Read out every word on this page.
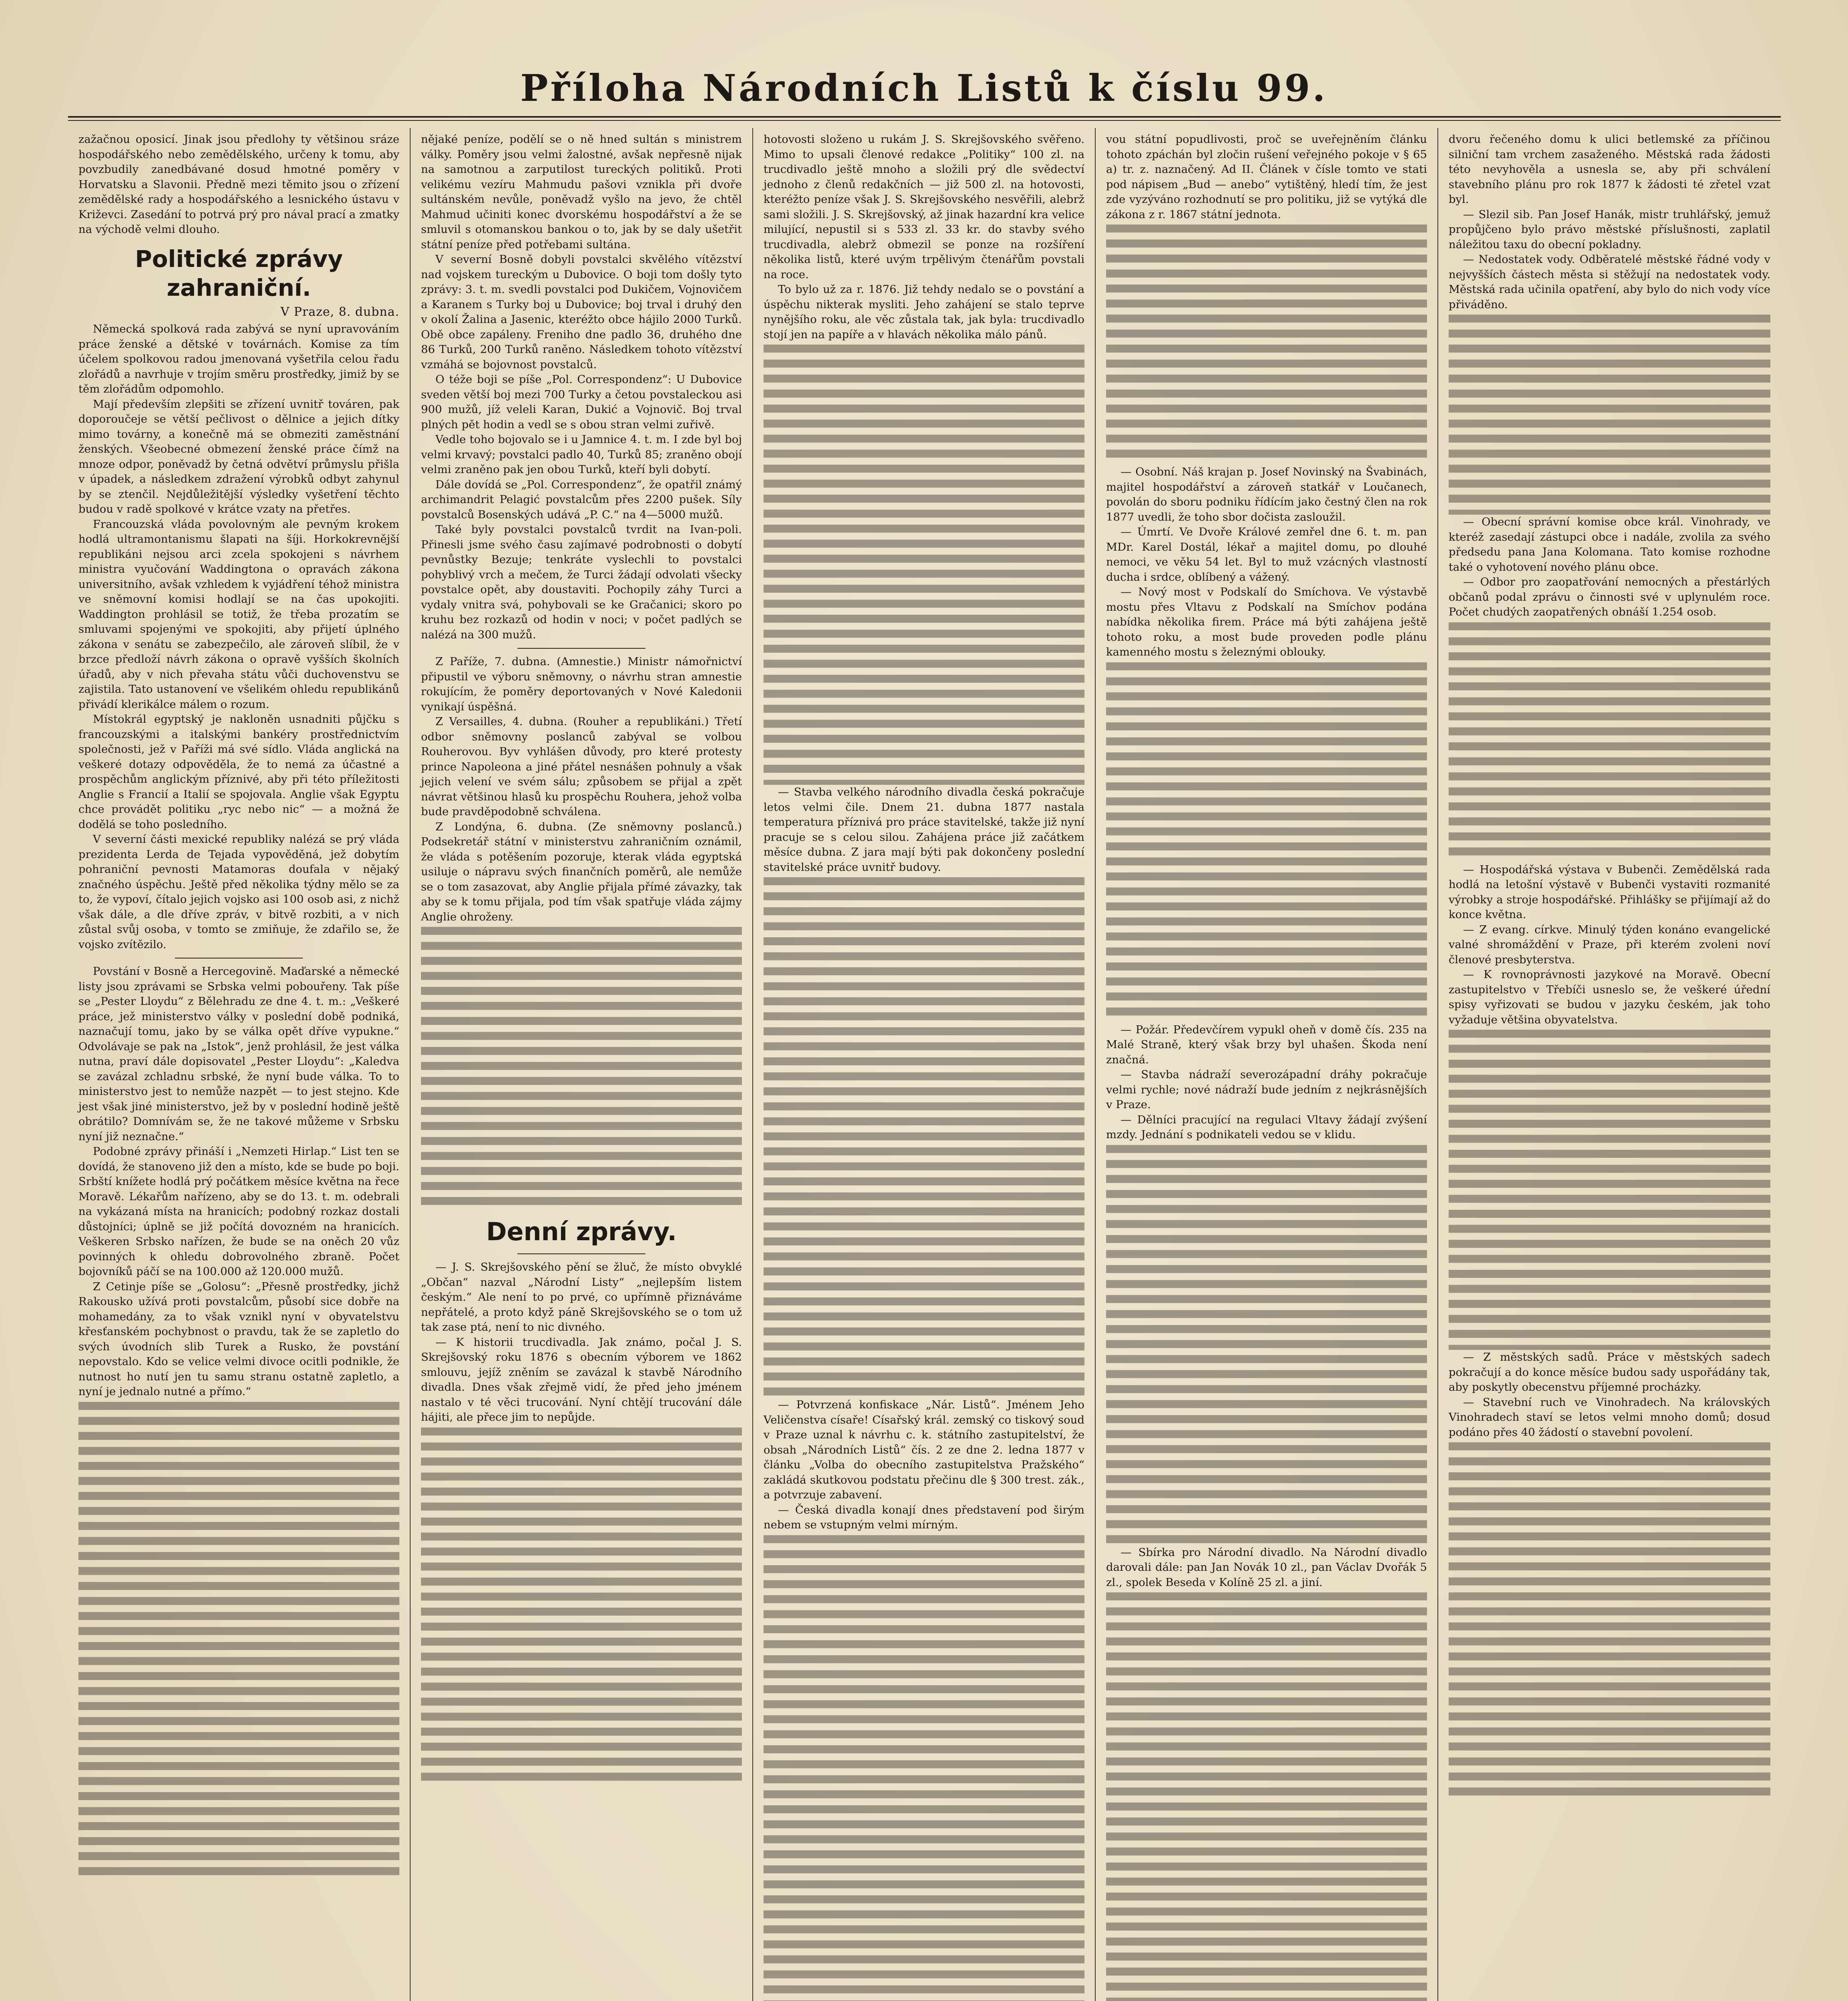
Příloha Národních Listů k číslu 99.

zažačnou oposicí. Jinak jsou předlohy ty většinou sráze hospodářského nebo zemědělského, určeny k tomu, aby povzbudily zanedbávané dosud hmotné poměry v Horvatsku a Slavonii. Předně mezi těmito jsou o zřízení zemědělské rady a hospodářského a lesnického ústavu v Križevci. Zasedání to potrvá prý pro nával prací a zmatky na východě velmi dlouho.

Politické zprávy zahraniční.
V Praze, 8. dubna.

Německá spolková rada zabývá se nyní upravováním práce ženské a dětské v továrnách. Komise za tím účelem spolkovou radou jmenovaná vyšetřila celou řadu zlořádů a navrhuje v trojím směru prostředky, jimiž by se těm zlořádům odpomohlo.

Mají především zlepšiti se zřízení uvnitř továren, pak doporoučeje se větší pečlivost o dělnice a jejich dítky mimo továrny, a konečně má se obmeziti zaměstnání ženských. Všeobecné obmezení ženské práce čímž na mnoze odpor, poněvadž by četná odvětví průmyslu přišla v úpadek, a následkem zdražení výrobků odbyt zahynul by se ztenčil. Nejdůležitější výsledky vyšetření těchto budou v radě spolkové v krátce vzaty na přetřes.

Francouzská vláda povolovným ale pevným krokem hodlá ultramontanismu šlapati na šíji. Horkokrevnější republikáni nejsou arci zcela spokojeni s návrhem ministra vyučování Waddingtona o opravách zákona universitního, avšak vzhledem k vyjádření téhož ministra ve sněmovní komisi hodlají se na čas upokojiti. Waddington prohlásil se totiž, že třeba prozatím se smluvami spojenými ve spokojiti, aby přijetí úplného zákona v senátu se zabezpečilo, ale zároveň slíbil, že v brzce předloží návrh zákona o opravě vyšších školních úřadů, aby v nich převaha státu vůči duchovenstvu se zajistila. Tato ustanovení ve všelikém ohledu republikánů přivádí klerikálce málem o rozum.

Místokrál egyptský je nakloněn usnadniti půjčku s francouzskými a italskými bankéry prostřednictvím společnosti, jež v Paříži má své sídlo. Vláda anglická na veškeré dotazy odpověděla, že to nemá za účastné a prospěchům anglickým příznivé, aby při této příležitosti Anglie s Francií a Italií se spojovala. Anglie však Egyptu chce provádět politiku „ryc nebo nic“ — a možná že dodělá se toho posledního.

V severní části mexické republiky nalézá se prý vláda prezidenta Lerda de Tejada vypověděná, jež dobytím pohraniční pevnosti Matamoras doufala v nějaký značného úspěchu. Ještě před několika týdny mělo se za to, že vypoví, čítalo jejich vojsko asi 100 osob asi, z nichž však dále, a dle dříve zpráv, v bitvě rozbiti, a v nich zůstal svůj osoba, v tomto se zmiňuje, že zdařilo se, že vojsko zvítězilo.

Povstání v Bosně a Hercegovině. Maďarské a německé listy jsou zprávami se Srbska velmi pobouřeny. Tak píše se „Pester Lloydu“ z Bělehradu ze dne 4. t. m.: „Veškeré práce, jež ministerstvo války v poslední době podniká, naznačují tomu, jako by se válka opět dříve vypukne.“ Odvolávaje se pak na „Istok“, jenž prohlásil, že jest válka nutna, praví dále dopisovatel „Pester Lloydu“: „Kaledva se zavázal zchladnu srbské, že nyní bude válka. To to ministerstvo jest to nemůže nazpět — to jest stejno. Kde jest však jiné ministerstvo, jež by v poslední hodině ještě obrátilo? Domnívám se, že ne takové můžeme v Srbsku nyní již neznačne.“

Podobné zprávy přináší i „Nemzeti Hirlap.“ List ten se dovídá, že stanoveno již den a místo, kde se bude po boji. Srbští knížete hodlá prý počátkem měsíce května na řece Moravě. Lékařům nařízeno, aby se do 13. t. m. odebrali na vykázaná místa na hranicích; podobný rozkaz dostali důstojníci; úplně se již počítá dovozném na hranicích. Veškeren Srbsko nařízen, že bude se na oněch 20 vůz povinných k ohledu dobrovolného zbraně. Počet bojovníků páčí se na 100.000 až 120.000 mužů.

Z Cetinje píše se „Golosu“: „Přesně prostředky, jichž Rakousko užívá proti povstalcům, působí sice dobře na mohamedány, za to však vznikl nyní v obyvatelstvu křesťanském pochybnost o pravdu, tak že se zapletlo do svých úvodních slib Turek a Rusko, že povstání nepovstalo. Kdo se velice velmi divoce ocitli podnikle, že nutnost ho nutí jen tu samu stranu ostatně zapletlo, a nyní je jednalo nutné a přímo.“

nějaké peníze, podělí se o ně hned sultán s ministrem války. Poměry jsou velmi žalostné, avšak nepřesně nijak na samotnou a zarputilost tureckých politiků. Proti velikému vezíru Mahmudu pašovi vznikla při dvoře sultánském nevůle, poněvadž vyšlo na jevo, že chtěl Mahmud učiniti konec dvorskému hospodářství a že se smluvil s otomanskou bankou o to, jak by se daly ušetřit státní peníze před potřebami sultána.

V severní Bosně dobyli povstalci skvělého vítězství nad vojskem tureckým u Dubovice. O boji tom došly tyto zprávy: 3. t. m. svedli povstalci pod Dukičem, Vojnovičem a Karanem s Turky boj u Dubovice; boj trval i druhý den v okolí Žalina a Jasenic, kteréžto obce hájilo 2000 Turků. Obě obce zapáleny. Freniho dne padlo 36, druhého dne 86 Turků, 200 Turků raněno. Následkem tohoto vítězství vzmáhá se bojovnost povstalců.

O téže boji se píše „Pol. Correspondenz“: U Dubovice sveden větší boj mezi 700 Turky a četou povstaleckou asi 900 mužů, jíž veleli Karan, Dukić a Vojnovič. Boj trval plných pět hodin a vedl se s obou stran velmi zuřivě.

Vedle toho bojovalo se i u Jamnice 4. t. m. I zde byl boj velmi krvavý; povstalci padlo 40, Turků 85; zraněno obojí velmi zraněno pak jen obou Turků, kteří byli dobytí.

Dále dovídá se „Pol. Correspondenz“, že opatřil známý archimandrit Pelagić povstalcům přes 2200 pušek. Síly povstalců Bosenských udává „P. C.“ na 4—5000 mužů.

Také byly povstalci povstalců tvrdit na Ivan-poli. Přinesli jsme svého času zajímavé podrobnosti o dobytí pevnůstky Bezuje; tenkráte vyslechli to povstalci pohyblivý vrch a mečem, že Turci žádají odvolati všecky povstalce opět, aby doustaviti. Pochopily záhy Turci a vydaly vnitra svá, pohybovali se ke Gračanici; skoro po kruhu bez rozkazů od hodin v noci; v počet padlých se nalézá na 300 mužů.

Z Paříže, 7. dubna. (Amnestie.) Ministr námořnictví připustil ve výboru sněmovny, o návrhu stran amnestie rokujícím, že poměry deportovaných v Nové Kaledonii vynikají úspěšná.

Z Versailles, 4. dubna. (Rouher a republikáni.) Třetí odbor sněmovny poslanců zabýval se volbou Rouherovou. Byv vyhlášen důvody, pro které protesty prince Napoleona a jiné přátel nesnášen pohnuly a však jejich velení ve svém sálu; způsobem se přijal a zpět návrat většinou hlasů ku prospěchu Rouhera, jehož volba bude pravděpodobně schválena.

Z Londýna, 6. dubna. (Ze sněmovny poslanců.) Podsekretář státní v ministerstvu zahraničním oznámil, že vláda s potěšením pozoruje, kterak vláda egyptská usiluje o nápravu svých finančních poměrů, ale nemůže se o tom zasazovat, aby Anglie přijala přímé závazky, tak aby se k tomu přijala, pod tím však spatřuje vláda zájmy Anglie ohroženy.

Denní zprávy.

— J. S. Skrejšovského pění se žluč, že místo obvyklé „Občan“ nazval „Národní Listy“ „nejlepším listem českým.“ Ale není to po prvé, co upřímně přiznáváme nepřátelé, a proto když páně Skrejšovského se o tom už tak zase ptá, není to nic divného.

— K historii trucdivadla. Jak známo, počal J. S. Skrejšovský roku 1876 s obecním výborem ve 1862 smlouvu, jejíž zněním se zavázal k stavbě Národního divadla. Dnes však zřejmě vidí, že před jeho jménem nastalo v té věci trucování. Nyní chtějí trucování dále hájiti, ale přece jim to nepůjde.

hotovosti složeno u rukám J. S. Skrejšovského svěřeno. Mimo to upsali členové redakce „Politiky“ 100 zl. na trucdivadlo ještě mnoho a složili prý dle svědectví jednoho z členů redakčních — již 500 zl. na hotovosti, kteréžto peníze však J. S. Skrejšovského nesvěřili, alebrž sami složili. J. S. Skrejšovský, až jinak hazardní kra velice milující, nepustil si s 533 zl. 33 kr. do stavby svého trucdivadla, alebrž obmezil se ponze na rozšíření několika listů, které uvým trpělivým čtenářům povstali na roce.

To bylo už za r. 1876. Již tehdy nedalo se o povstání a úspěchu nikterak mysliti. Jeho zahájení se stalo teprve nynějšího roku, ale věc zůstala tak, jak byla: trucdivadlo stojí jen na papíře a v hlavách několika málo pánů.

— Stavba velkého národního divadla česká pokračuje letos velmi čile. Dnem 21. dubna 1877 nastala temperatura příznivá pro práce stavitelské, takže již nyní pracuje se s celou silou. Zahájena práce již začátkem měsíce dubna. Z jara mají býti pak dokončeny poslední stavitelské práce uvnitř budovy.

— Potvrzená konfiskace „Nár. Listů“. Jménem Jeho Veličenstva císaře! Císařský král. zemský co tiskový soud v Praze uznal k návrhu c. k. státního zastupitelství, že obsah „Národních Listů“ čís. 2 ze dne 2. ledna 1877 v článku „Volba do obecního zastupitelstva Pražského“ zakládá skutkovou podstatu přečinu dle § 300 trest. zák., a potvrzuje zabavení.

— Česká divadla konají dnes představení pod širým nebem se vstupným velmi mírným.

vou státní popudlivosti, proč se uveřejněním článku tohoto zpáchán byl zločin rušení veřejného pokoje v § 65 a) tr. z. naznačený. Ad II. Článek v čísle tomto ve stati pod nápisem „Bud — anebo“ vytištěný, hledí tím, že jest zde vyzýváno rozhodnutí se pro politiku, již se vytýká dle zákona z r. 1867 státní jednota.

— Osobní. Náš krajan p. Josef Novinský na Švabinách, majitel hospodářství a zároveň statkář v Loučanech, povolán do sboru podniku řídícím jako čestný člen na rok 1877 uvedli, že toho sbor dočista zasloužil.

— Úmrtí. Ve Dvoře Králové zemřel dne 6. t. m. pan MDr. Karel Dostál, lékař a majitel domu, po dlouhé nemoci, ve věku 54 let. Byl to muž vzácných vlastností ducha i srdce, oblíbený a vážený.

— Nový most v Podskalí do Smíchova. Ve výstavbě mostu přes Vltavu z Podskalí na Smíchov podána nabídka několika firem. Práce má býti zahájena ještě tohoto roku, a most bude proveden podle plánu kamenného mostu s železnými oblouky.

— Požár. Předevčírem vypukl oheň v domě čís. 235 na Malé Straně, který však brzy byl uhašen. Škoda není značná.

— Stavba nádraží severozápadní dráhy pokračuje velmi rychle; nové nádraží bude jedním z nejkrásnějších v Praze.

— Dělníci pracující na regulaci Vltavy žádají zvýšení mzdy. Jednání s podnikateli vedou se v klidu.

— Sbírka pro Národní divadlo. Na Národní divadlo darovali dále: pan Jan Novák 10 zl., pan Václav Dvořák 5 zl., spolek Beseda v Kolíně 25 zl. a jiní.

dvoru řečeného domu k ulici betlemské za příčinou silniční tam vrchem zasaženého. Městská rada žádosti této nevyhověla a usnesla se, aby při schválení stavebního plánu pro rok 1877 k žádosti té zřetel vzat byl.

— Slezil sib. Pan Josef Hanák, mistr truhlářský, jemuž propůjčeno bylo právo městské příslušnosti, zaplatil náležitou taxu do obecní pokladny.

— Nedostatek vody. Odběratelé městské řádné vody v nejvyšších částech města si stěžují na nedostatek vody. Městská rada učinila opatření, aby bylo do nich vody více přiváděno.

— Obecní správní komise obce král. Vinohrady, ve kteréž zasedají zástupci obce i nadále, zvolila za svého předsedu pana Jana Kolomana. Tato komise rozhodne také o vyhotovení nového plánu obce.

— Odbor pro zaopatřování nemocných a přestárlých občanů podal zprávu o činnosti své v uplynulém roce. Počet chudých zaopatřených obnáší 1.254 osob.

— Hospodářská výstava v Bubenči. Zemědělská rada hodlá na letošní výstavě v Bubenči vystaviti rozmanité výrobky a stroje hospodářské. Přihlášky se přijímají až do konce května.

— Z evang. církve. Minulý týden konáno evangelické valné shromáždění v Praze, při kterém zvoleni noví členové presbyterstva.

— K rovnoprávnosti jazykové na Moravě. Obecní zastupitelstvo v Třebíči usneslo se, že veškeré úřední spisy vyřizovati se budou v jazyku českém, jak toho vyžaduje většina obyvatelstva.

— Z městských sadů. Práce v městských sadech pokračují a do konce měsíce budou sady uspořádány tak, aby poskytly obecenstvu příjemné procházky.

— Stavební ruch ve Vinohradech. Na královských Vinohradech staví se letos velmi mnoho domů; dosud podáno přes 40 žádostí o stavební povolení.
